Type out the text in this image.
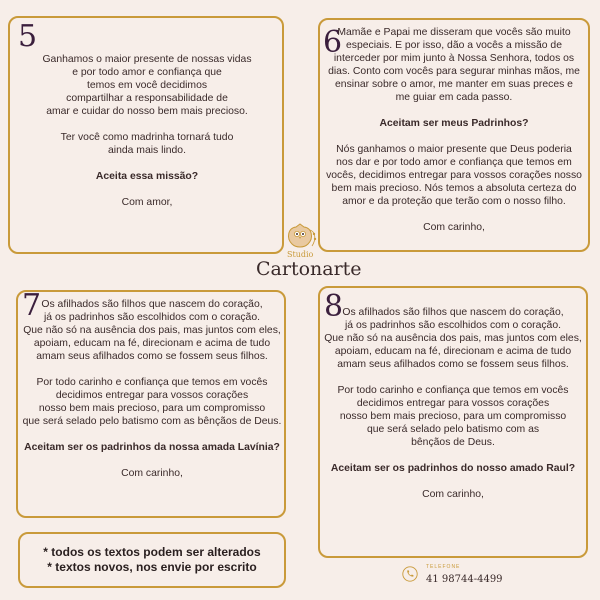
5

Ganhamos o maior presente de nossas vidas

e por todo amor e confiança que

temos em você decidimos

compartilhar a responsabilidade de

amar e cuidar do nosso bem mais precioso.

Ter você como madrinha tornará tudo

ainda mais lindo.

Aceita essa missão?

Com amor,

6

Mamãe e Papai me disseram que vocês são muito

especiais. E por isso, dão a vocês a missão de

interceder por mim junto à Nossa Senhora, todos os

dias. Conto com vocês para segurar minhas mãos, me

ensinar sobre o amor, me manter em suas preces e

me guiar em cada passo.

Aceitam ser meus Padrinhos?

Nós ganhamos o maior presente que Deus poderia

nos dar e por todo amor e confiança que temos em

vocês, decidimos entregar para vossos corações nosso

bem mais precioso. Nós temos a absoluta certeza do

amor e da proteção que terão com o nosso filho.

Com carinho,

Studio
Cartonarte
7 Os afilhados são filhos que nascem do coração,

já os padrinhos são escolhidos com o coração.

Que não só na ausência dos pais, mas juntos com eles,

apoiam, educam na fé, direcionam e acima de tudo

amam seus afilhados como se fossem seus filhos.

Por todo carinho e confiança que temos em vocês

decidimos entregar para vossos corações

nosso bem mais precioso, para um compromisso

que será selado pelo batismo com as bênçãos de Deus.

Aceitam ser os padrinhos da nossa amada Lavínia?

Com carinho,

8 Os afilhados são filhos que nascem do coração,

já os padrinhos são escolhidos com o coração.

Que não só na ausência dos pais, mas juntos com eles,

apoiam, educam na fé, direcionam e acima de tudo

amam seus afilhados como se fossem seus filhos.

Por todo carinho e confiança que temos em vocês

decidimos entregar para vossos corações

nosso bem mais precioso, para um compromisso

que será selado pelo batismo com as

bênçãos de Deus.

Aceitam ser os padrinhos do nosso amado Raul?

Com carinho,

* todos os textos podem ser alterados
* textos novos, nos envie por escrito	TELEFONE
41 98744-4499
